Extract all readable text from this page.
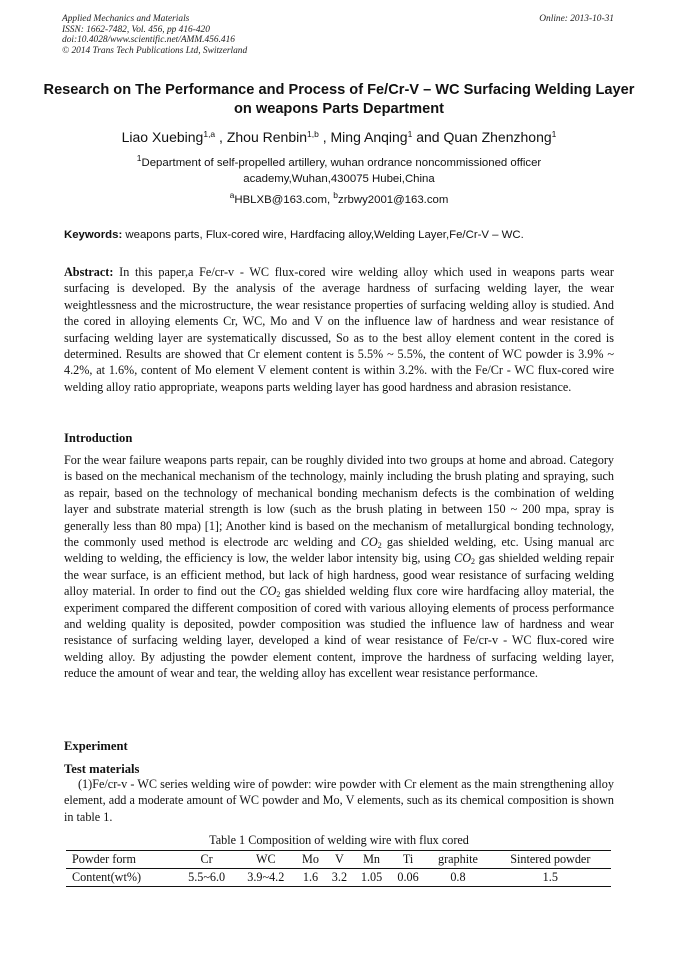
Applied Mechanics and Materials
ISSN: 1662-7482, Vol. 456, pp 416-420
doi:10.4028/www.scientific.net/AMM.456.416
© 2014 Trans Tech Publications Ltd, Switzerland
Online: 2013-10-31
Research on The Performance and Process of Fe/Cr-V – WC Surfacing Welding Layer on weapons Parts Department
Liao Xuebing$^{1,a}$ , Zhou Renbin$^{1,b}$ , Ming Anqing$^1$ and Quan Zhenzhong$^1$
$^1$Department of self-propelled artillery, wuhan ordrance noncommissioned officer academy,Wuhan,430075 Hubei,China
$^a$HBLXB@163.com, $^b$zrbwy2001@163.com
Keywords: weapons parts, Flux-cored wire, Hardfacing alloy,Welding Layer,Fe/Cr-V – WC.
Abstract: In this paper,a Fe/cr-v - WC flux-cored wire welding alloy which used in weapons parts wear surfacing is developed. By the analysis of the average hardness of surfacing welding layer, the wear weightlessness and the microstructure, the wear resistance properties of surfacing welding alloy is studied. And the cored in alloying elements Cr, WC, Mo and V on the influence law of hardness and wear resistance of surfacing welding layer are systematically discussed, So as to the best alloy element content in the cored is determined. Results are showed that Cr element content is 5.5% ~ 5.5%, the content of WC powder is 3.9% ~ 4.2%, at 1.6%, content of Mo element V element content is within 3.2%. with the Fe/Cr - WC flux-cored wire welding alloy ratio appropriate, weapons parts welding layer has good hardness and abrasion resistance.
Introduction
For the wear failure weapons parts repair, can be roughly divided into two groups at home and abroad. Category is based on the mechanical mechanism of the technology, mainly including the brush plating and spraying, such as repair, based on the technology of mechanical bonding mechanism defects is the combination of welding layer and substrate material strength is low (such as the brush plating in between 150 ~ 200 mpa, spray is generally less than 80 mpa) [1]; Another kind is based on the mechanism of metallurgical bonding technology, the commonly used method is electrode arc welding and $CO_2$ gas shielded welding, etc. Using manual arc welding to welding, the efficiency is low, the welder labor intensity big, using $CO_2$ gas shielded welding repair the wear surface, is an efficient method, but lack of high hardness, good wear resistance of surfacing welding alloy material. In order to find out the $CO_2$ gas shielded welding flux core wire hardfacing alloy material, the experiment compared the different composition of cored with various alloying elements of process performance and welding quality is deposited, powder composition was studied the influence law of hardness and wear resistance of surfacing welding layer, developed a kind of wear resistance of Fe/cr-v - WC flux-cored wire welding alloy. By adjusting the powder element content, improve the hardness of surfacing welding layer, reduce the amount of wear and tear, the welding alloy has excellent wear resistance performance.
Experiment
Test materials
(1)Fe/cr-v - WC series welding wire of powder: wire powder with Cr element as the main strengthening alloy element, add a moderate amount of WC powder and Mo, V elements, such as its chemical composition is shown in table 1.
Table 1 Composition of welding wire with flux cored
Powder form	Cr	WC	Mo	V	Mn	Ti	graphite	Sintered powder
Content(wt%)	5.5~6.0	3.9~4.2	1.6	3.2	1.05	0.06	0.8	1.5
